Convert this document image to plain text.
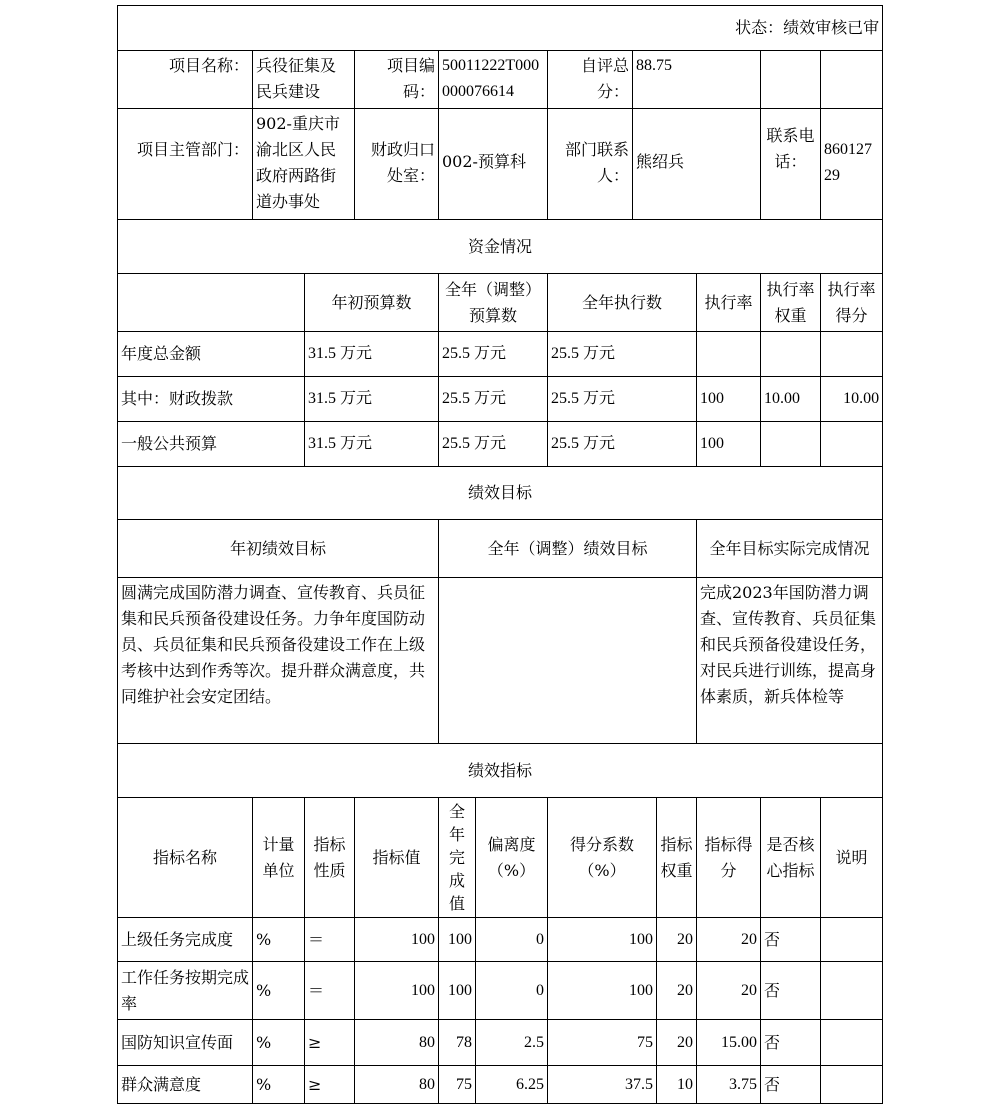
状态：绩效审核已审											
项目名称：	兵役征集及民兵建设		项目编码：	50011222T000000076614		自评总分：	88.75				
项目主管部门：	902-重庆市渝北区人民政府两路街道办事处		财政归口处室：	002-预算科		部门联系人：	熊绍兵			联系电话：	86012729
资金情况											
		年初预算数		全年（调整）预算数		全年执行数			执行率	执行率权重	执行率得分
年度总金额		31.5 万元		25.5 万元		25.5 万元					
其中：财政拨款		31.5 万元		25.5 万元		25.5 万元			100	10.00	10.00
一般公共预算		31.5 万元		25.5 万元		25.5 万元			100		
绩效目标											
年初绩效目标				全年（调整）绩效目标					全年目标实际完成情况		
圆满完成国防潜力调查、宣传教育、兵员征集和民兵预备役建设任务。力争年度国防动员、兵员征集和民兵预备役建设工作在上级考核中达到作秀等次。提升群众满意度，共同维护社会安定团结。									完成2023年国防潜力调查、宣传教育、兵员征集和民兵预备役建设任务，对民兵进行训练，提高身体素质，新兵体检等		
绩效指标											
指标名称	计量单位	指标性质	指标值	全年完成值	偏离度（%）	得分系数（%）		指标权重	指标得分	是否核心指标	说明
上级任务完成度	%	＝	100	100	0	100		20	20	否	
工作任务按期完成率	%	＝	100	100	0	100		20	20	否	
国防知识宣传面	%	≥	80	78	2.5	75		20	15.00	否	
群众满意度	%	≥	80	75	6.25	37.5		10	3.75	否	
